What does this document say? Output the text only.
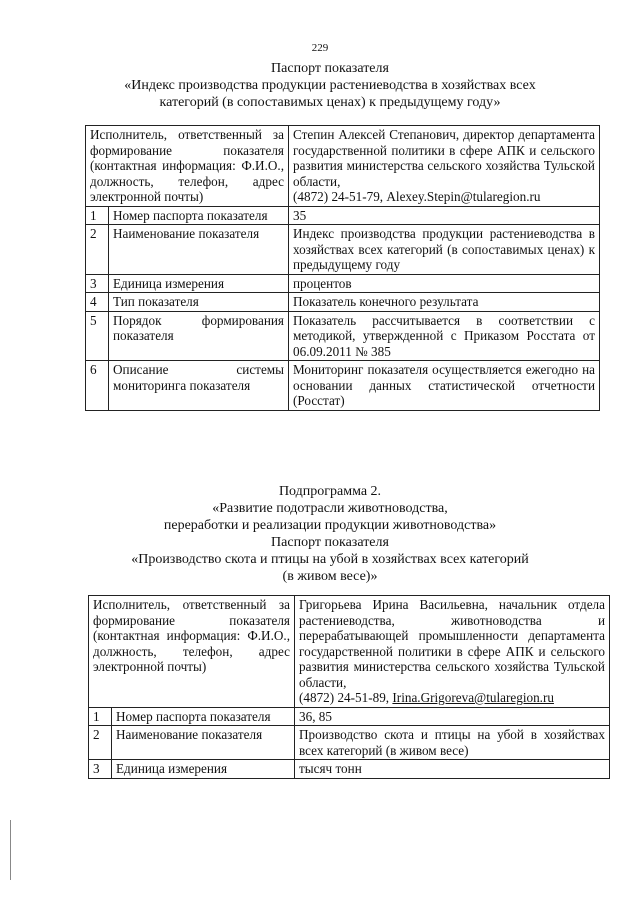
229
Паспорт показателя
«Индекс производства продукции растениеводства в хозяйствах всех
категорий (в сопоставимых ценах) к предыдущему году»
Исполнитель, ответственный за формирование показателя (контактная информация: Ф.И.О., должность, телефон, адрес электронной почты)		Степин Алексей Степанович, директор департамента государственной политики в сфере АПК и сельского развития министерства сельского хозяйства Тульской области,
(4872) 24-51-79, Alexey.Stepin@tularegion.ru
1	Номер паспорта показателя	35
2	Наименование показателя	Индекс производства продукции растениеводства в хозяйствах всех категорий (в сопоставимых ценах) к предыдущему году
3	Единица измерения	процентов
4	Тип показателя	Показатель конечного результата
5	Порядок формирования показателя	Показатель рассчитывается в соответствии с методикой, утвержденной с Приказом Росстата от 06.09.2011 № 385
6	Описание системы мониторинга показателя	Мониторинг показателя осуществляется ежегодно на основании данных статистической отчетности (Росстат)
Подпрограмма 2.
«Развитие подотрасли животноводства,
переработки и реализации продукции животноводства»
Паспорт показателя
«Производство скота и птицы на убой в хозяйствах всех категорий
(в живом весе)»
Исполнитель, ответственный за формирование показателя (контактная информация: Ф.И.О., должность, телефон, адрес электронной почты)		Григорьева Ирина Васильевна, начальник отдела растениеводства, животноводства и перерабатывающей промышленности департамента государственной политики в сфере АПК и сельского развития министерства сельского хозяйства Тульской области,
(4872) 24-51-89, Irina.Grigoreva@tularegion.ru
1	Номер паспорта показателя	36, 85
2	Наименование показателя	Производство скота и птицы на убой в хозяйствах всех категорий (в живом весе)
3	Единица измерения	тысяч тонн
